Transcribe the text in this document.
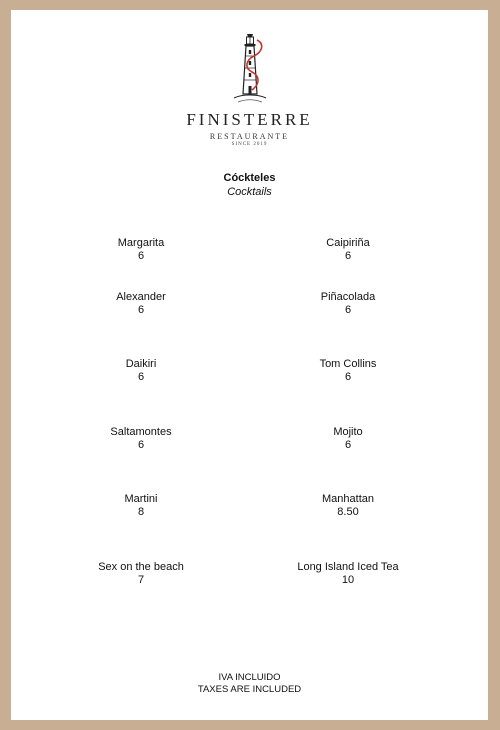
FINISTERRE
RESTAURANTE
SINCE 2019
Cóckteles
Cocktails
Margarita
6
Caipiriña
6
Alexander
6
Piñacolada
6
Daikiri
6
Tom Collins
6
Saltamontes
6
Mojito
6
Martini
8
Manhattan
8.50
Sex on the beach
7
Long Island Iced Tea
10
IVA INCLUIDO
TAXES ARE INCLUDED
